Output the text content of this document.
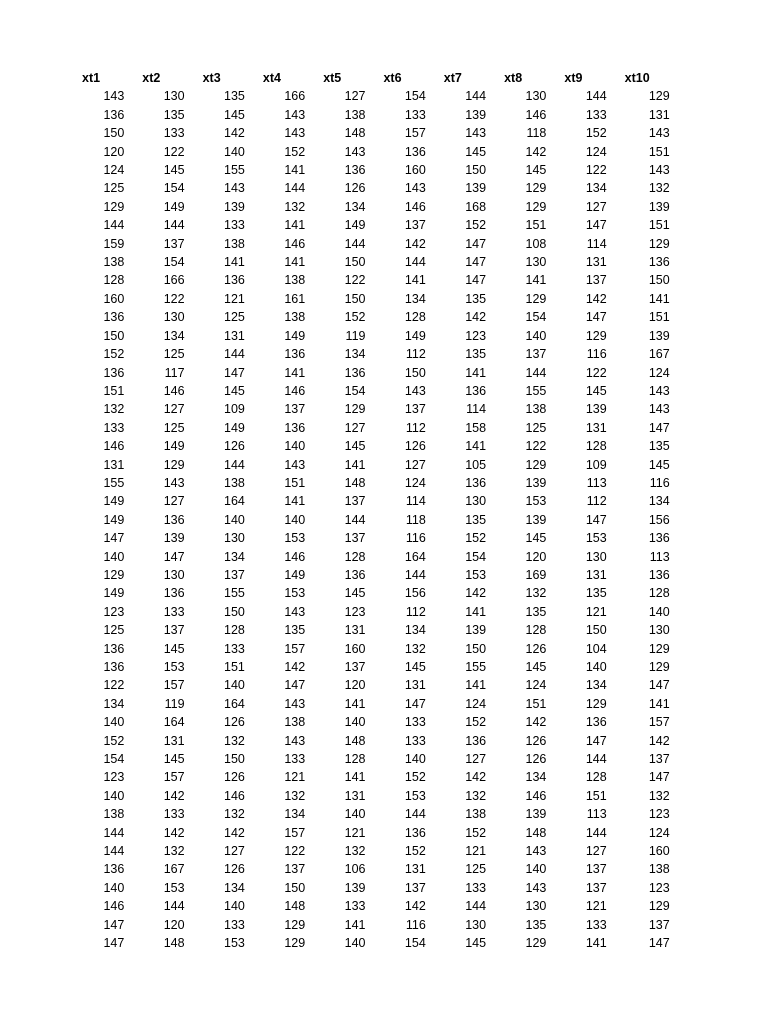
xt1	xt2	xt3	xt4	xt5	xt6	xt7	xt8	xt9	xt10
143	130	135	166	127	154	144	130	144	129
136	135	145	143	138	133	139	146	133	131
150	133	142	143	148	157	143	118	152	143
120	122	140	152	143	136	145	142	124	151
124	145	155	141	136	160	150	145	122	143
125	154	143	144	126	143	139	129	134	132
129	149	139	132	134	146	168	129	127	139
144	144	133	141	149	137	152	151	147	151
159	137	138	146	144	142	147	108	114	129
138	154	141	141	150	144	147	130	131	136
128	166	136	138	122	141	147	141	137	150
160	122	121	161	150	134	135	129	142	141
136	130	125	138	152	128	142	154	147	151
150	134	131	149	119	149	123	140	129	139
152	125	144	136	134	112	135	137	116	167
136	117	147	141	136	150	141	144	122	124
151	146	145	146	154	143	136	155	145	143
132	127	109	137	129	137	114	138	139	143
133	125	149	136	127	112	158	125	131	147
146	149	126	140	145	126	141	122	128	135
131	129	144	143	141	127	105	129	109	145
155	143	138	151	148	124	136	139	113	116
149	127	164	141	137	114	130	153	112	134
149	136	140	140	144	118	135	139	147	156
147	139	130	153	137	116	152	145	153	136
140	147	134	146	128	164	154	120	130	113
129	130	137	149	136	144	153	169	131	136
149	136	155	153	145	156	142	132	135	128
123	133	150	143	123	112	141	135	121	140
125	137	128	135	131	134	139	128	150	130
136	145	133	157	160	132	150	126	104	129
136	153	151	142	137	145	155	145	140	129
122	157	140	147	120	131	141	124	134	147
134	119	164	143	141	147	124	151	129	141
140	164	126	138	140	133	152	142	136	157
152	131	132	143	148	133	136	126	147	142
154	145	150	133	128	140	127	126	144	137
123	157	126	121	141	152	142	134	128	147
140	142	146	132	131	153	132	146	151	132
138	133	132	134	140	144	138	139	113	123
144	142	142	157	121	136	152	148	144	124
144	132	127	122	132	152	121	143	127	160
136	167	126	137	106	131	125	140	137	138
140	153	134	150	139	137	133	143	137	123
146	144	140	148	133	142	144	130	121	129
147	120	133	129	141	116	130	135	133	137
147	148	153	129	140	154	145	129	141	147
